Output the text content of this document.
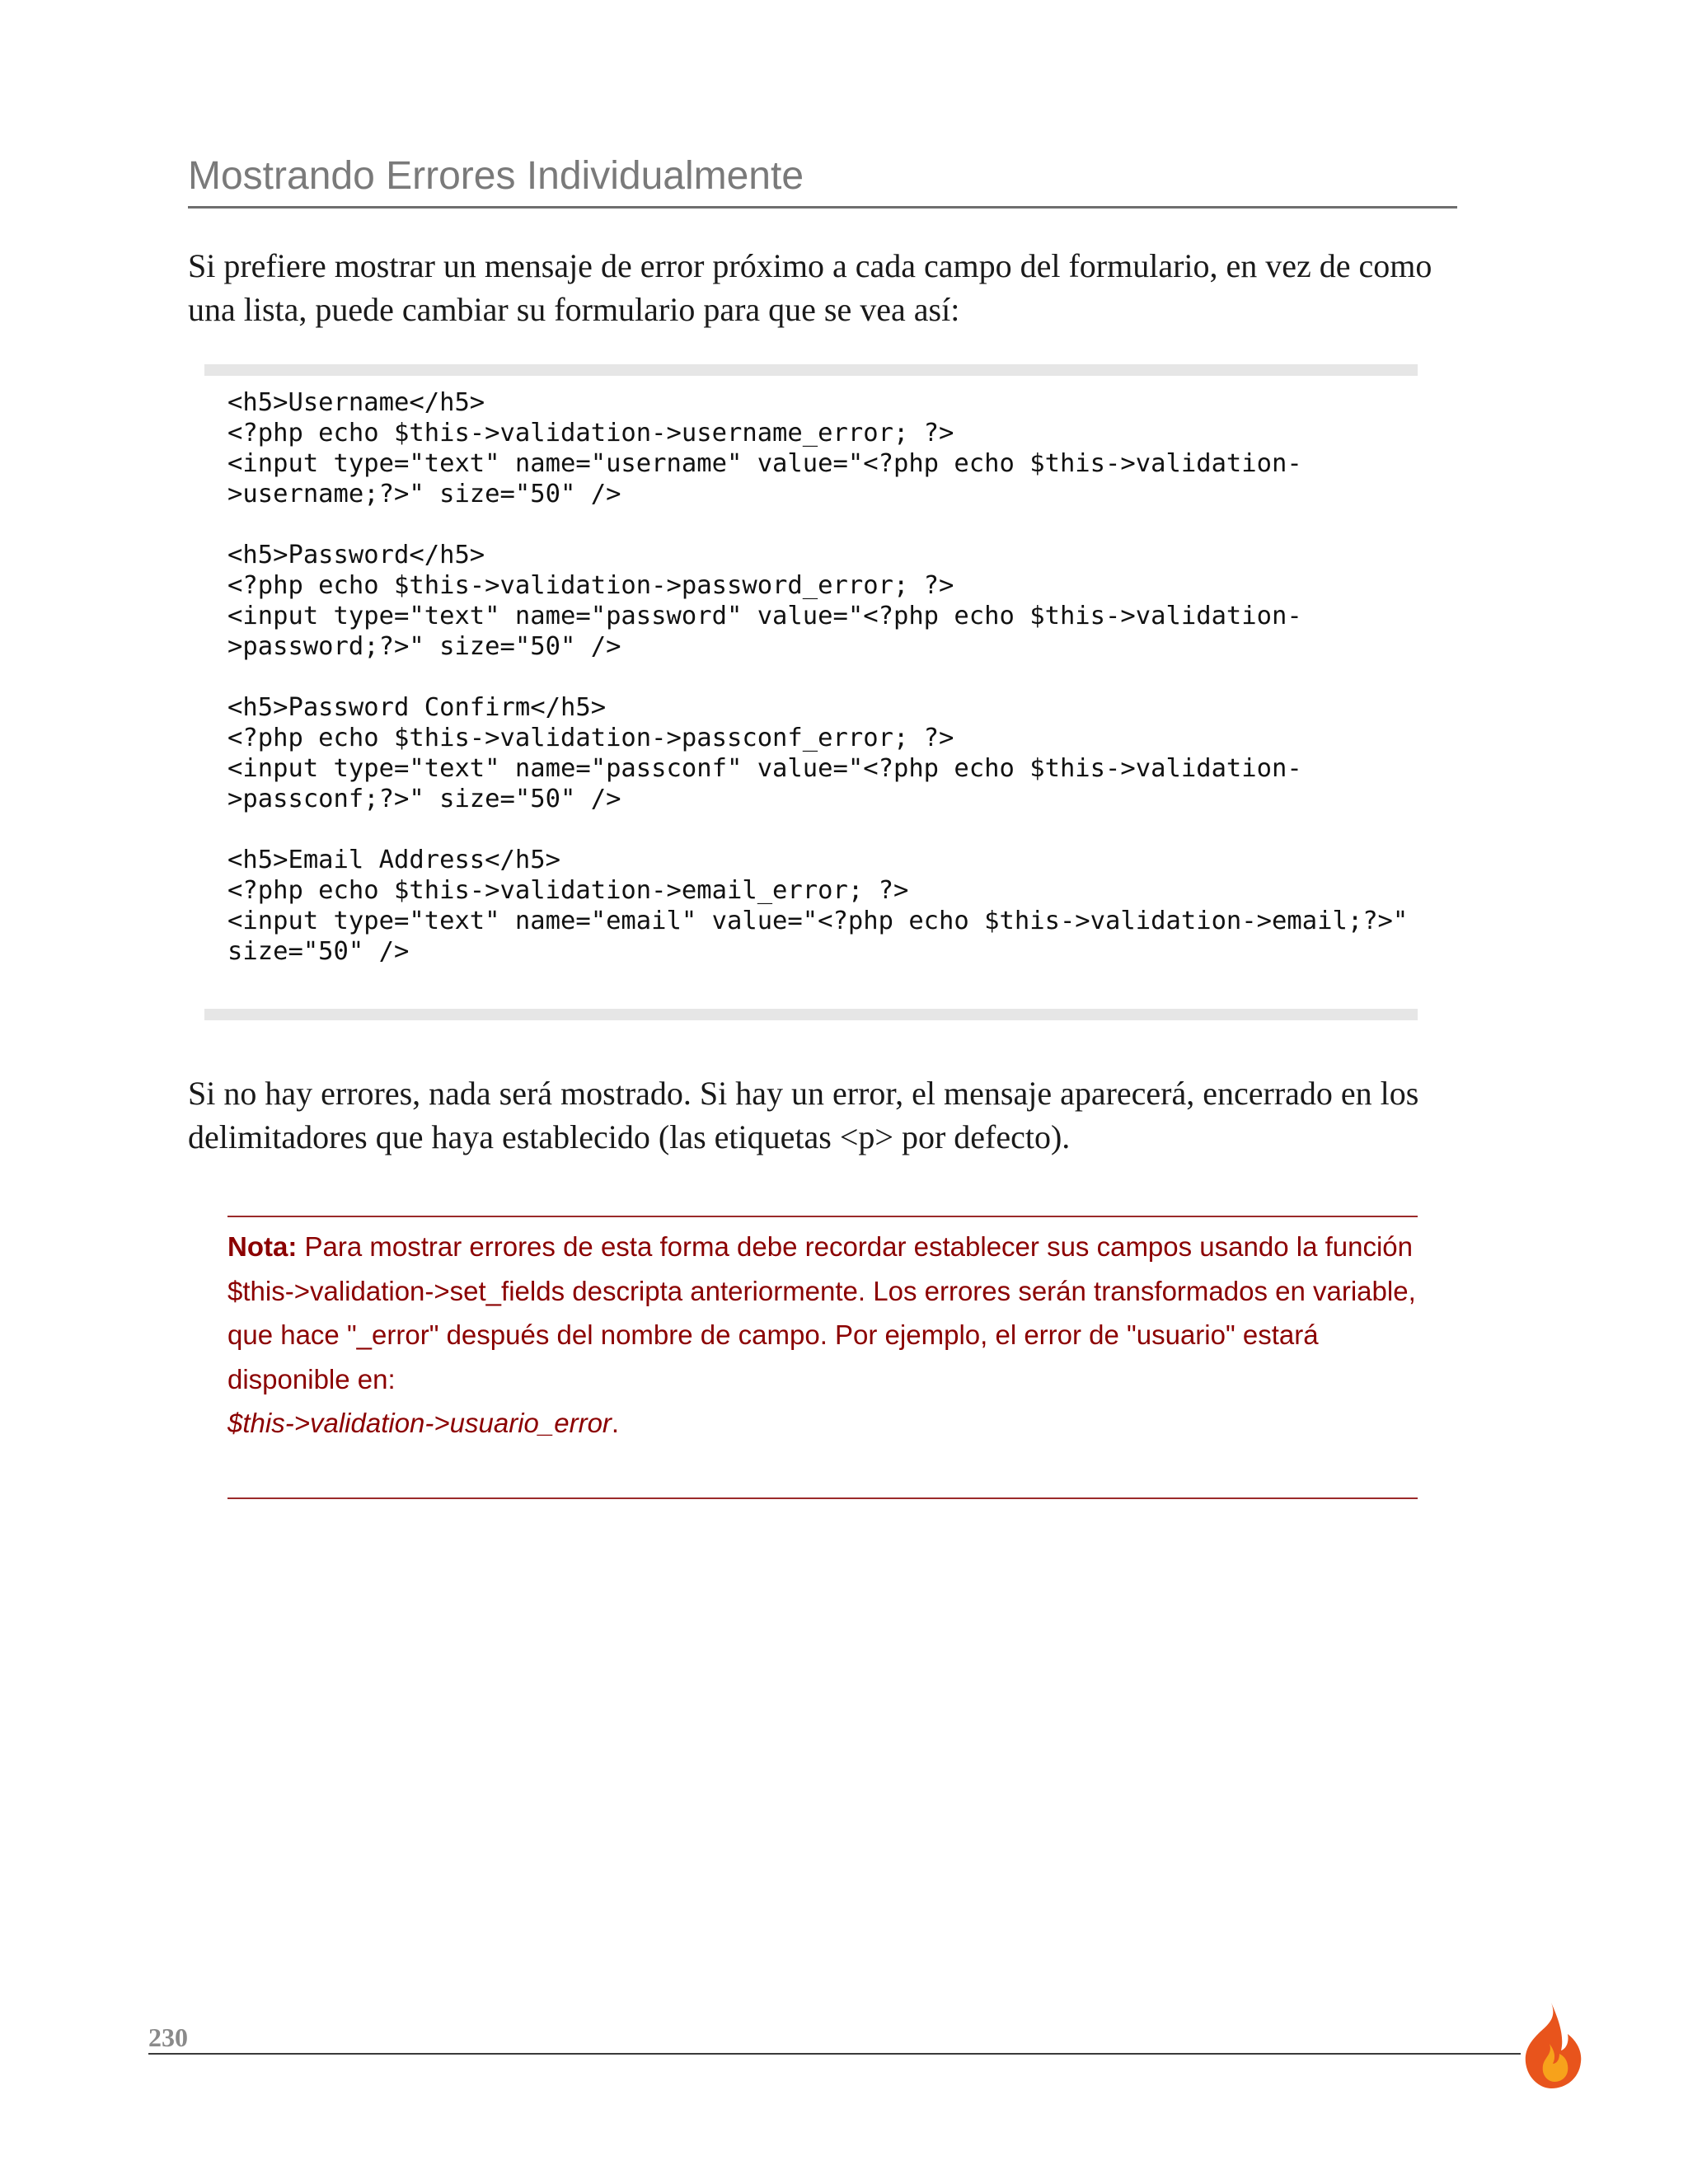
Mostrando Errores Individualmente

Si prefiere mostrar un mensaje de error próximo a cada campo del formulario, en vez de como una lista, puede cambiar su formulario para que se vea así:

<h5>Username</h5>
<?php echo $this->validation->username_error; ?>
<input type="text" name="username" value="<?php echo $this->validation-
>username;?>" size="50" />

<h5>Password</h5>
<?php echo $this->validation->password_error; ?>
<input type="text" name="password" value="<?php echo $this->validation-
>password;?>" size="50" />

<h5>Password Confirm</h5>
<?php echo $this->validation->passconf_error; ?>
<input type="text" name="passconf" value="<?php echo $this->validation-
>passconf;?>" size="50" />

<h5>Email Address</h5>
<?php echo $this->validation->email_error; ?>
<input type="text" name="email" value="<?php echo $this->validation->email;?>"
size="50" />

Si no hay errores, nada será mostrado. Si hay un error, el mensaje aparecerá, encerrado en los delimitadores que haya establecido (las etiquetas <p> por defecto).

Nota: Para mostrar errores de esta forma debe recordar establecer sus campos usando la función
$this->validation->set_fields descripta anteriormente. Los errores serán transformados en variable, que hace "_error" después del nombre de campo. Por ejemplo, el error de "usuario" estará disponible en:
$this->validation->usuario_error.

230
